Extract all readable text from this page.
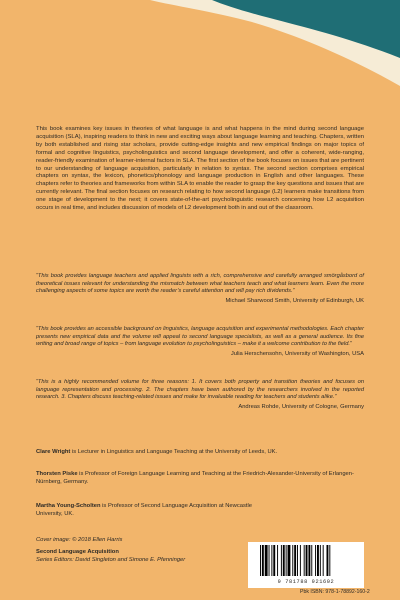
This book examines key issues in theories of what language is and what happens in the mind during second language acquisition (SLA), inspiring readers to think in new and exciting ways about language learning and teaching. Chapters, written by both established and rising star scholars, provide cutting-edge insights and new empirical findings on major topics of formal and cognitive linguistics, psycholinguistics and second language development, and offer a coherent, wide-ranging, reader-friendly examination of learner-internal factors in SLA. The first section of the book focuses on issues that are pertinent to our understanding of language acquisition, particularly in relation to syntax. The second section comprises empirical chapters on syntax, the lexicon, phonetics/phonology and language production in English and other languages. These chapters refer to theories and frameworks from within SLA to enable the reader to grasp the key questions and issues that are currently relevant. The final section focuses on research relating to how second language (L2) learners make transitions from one stage of development to the next; it covers state-of-the-art psycholinguistic research concerning how L2 acquisition occurs in real time, and includes discussion of models of L2 development both in and out of the classroom.

“This book provides language teachers and applied linguists with a rich, comprehensive and carefully arranged smörgåsbord of theoretical issues relevant for understanding the mismatch between what teachers teach and what learners learn. Even the more challenging aspects of some topics are worth the reader’s careful attention and will pay rich dividends.”

Michael Sharwood Smith, University of Edinburgh, UK

“This book provides an accessible background on linguistics, language acquisition and experimental methodologies. Each chapter presents new empirical data and the volume will appeal to second language specialists, as well as a general audience. Its fine writing and broad range of topics – from language evolution to psycholinguistics – make it a welcome contribution to the field.”

Julia Herschensohn, University of Washington, USA

“This is a highly recommended volume for three reasons: 1. It covers both property and transition theories and focuses on language representation and processing. 2. The chapters have been authored by the researchers involved in the reported research. 3. Chapters discuss teaching-related issues and make for invaluable reading for teachers and students alike.”

Andreas Rohde, University of Cologne, Germany

Clare Wright is Lecturer in Linguistics and Language Teaching at the University of Leeds, UK.

Thorsten Piske is Professor of Foreign Language Learning and Teaching at the Friedrich-Alexander-University of Erlangen-Nürnberg, Germany.

Martha Young-Scholten is Professor of Second Language Acquisition at Newcastle University, UK.

Cover image: © 2018 Ellen Harris
Second Language Acquisition
Series Editors: David Singleton and Simone E. Pfenninger
9 781788 921602
Pbk ISBN: 978-1-78892-160-2
